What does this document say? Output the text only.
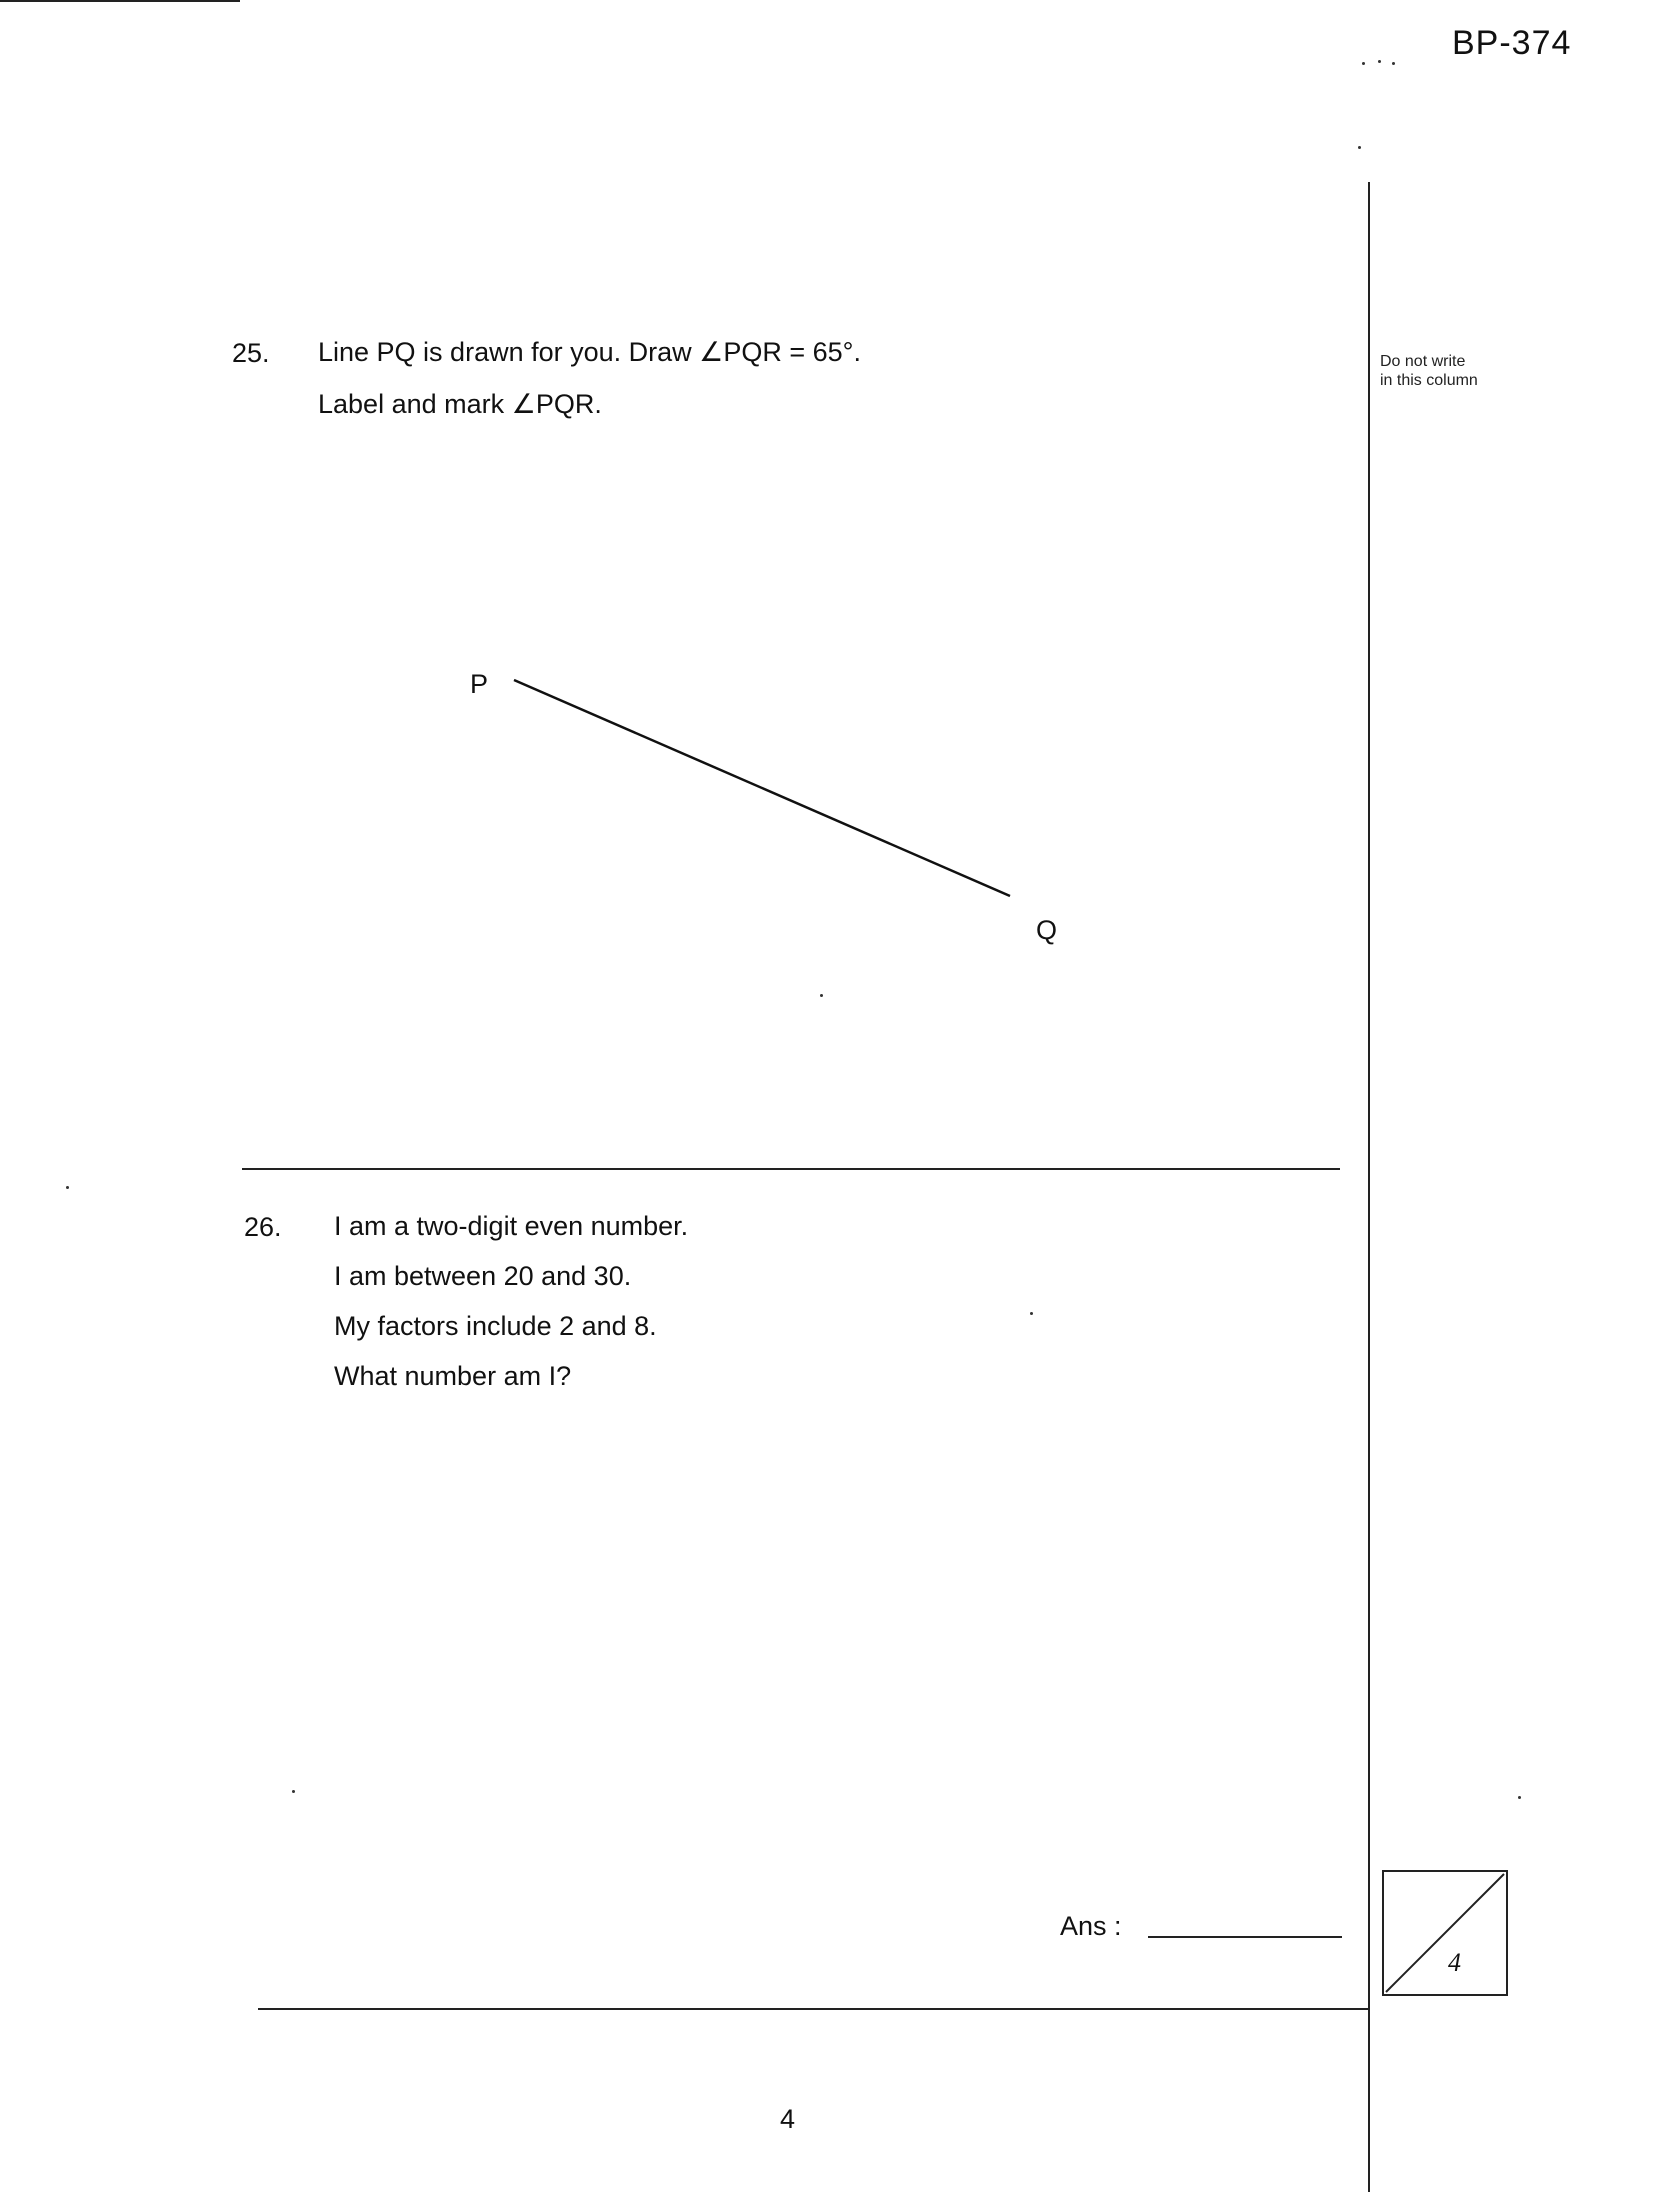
BP-374
Do not write
in this column
25. Line PQ is drawn for you. Draw ∠PQR = 65°.
Label and mark ∠PQR.
P
Q
26. I am a two-digit even number.
I am between 20 and 30.
My factors include 2 and 8.
What number am I?
Ans :
4
4
